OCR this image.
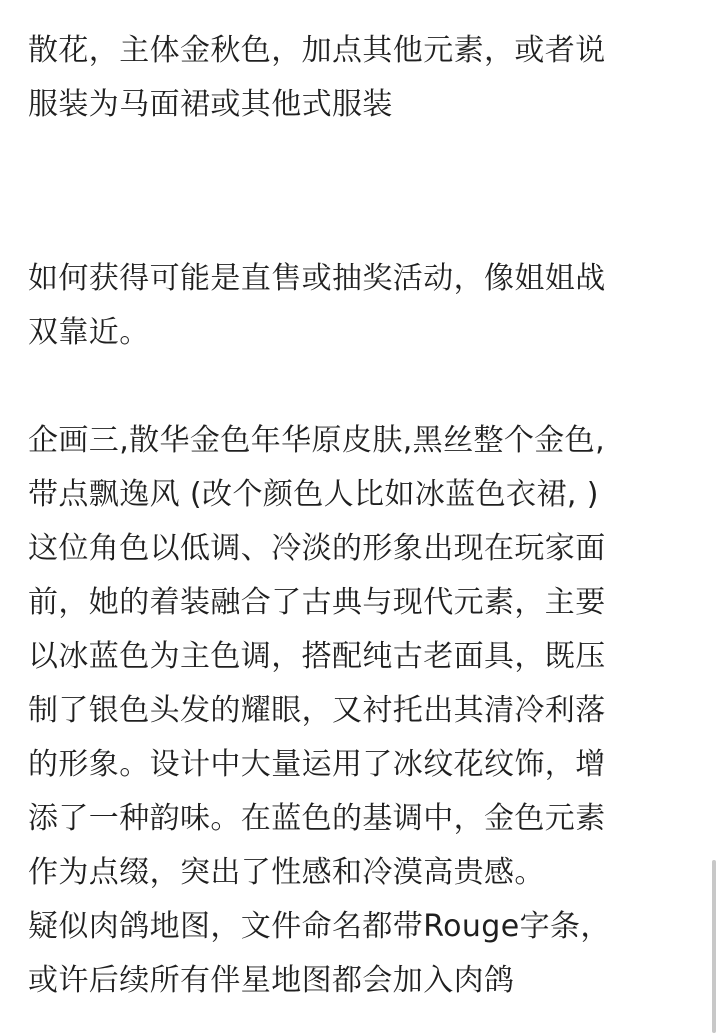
散花，主体金秋色，加点其他元素，或者说
服装为马面裙或其他式服装
如何获得可能是直售或抽奖活动，像姐姐战
双靠近。
企画三,散华金色年华原皮肤,黑丝整个金色,
带点飘逸风 (改个颜色人比如冰蓝色衣裙, )
这位角色以低调、冷淡的形象出现在玩家面
前，她的着装融合了古典与现代元素，主要
以冰蓝色为主色调，搭配纯古老面具，既压
制了银色头发的耀眼，又衬托出其清冷利落
的形象。设计中大量运用了冰纹花纹饰，增
添了一种韵味。在蓝色的基调中，金色元素
作为点缀，突出了性感和冷漠高贵感。
疑似肉鸽地图，文件命名都带Rouge字条，
或许后续所有伴星地图都会加入肉鸽
